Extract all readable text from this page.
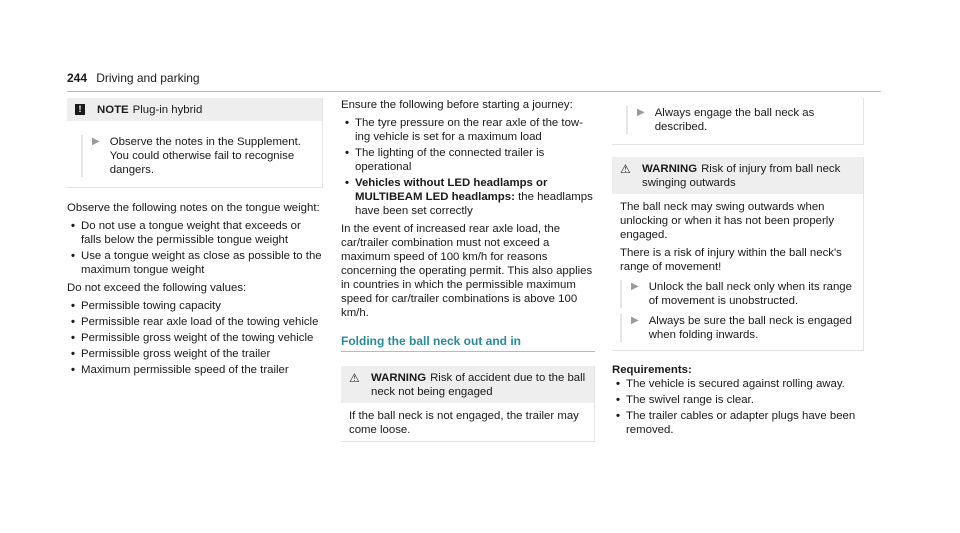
244 Driving and parking
!	NOTE Plug-in hybrid
▶ Observe the notes in the Supplement. You could otherwise fail to recognise dangers.

Observe the following notes on the tongue weight:

• Do not use a tongue weight that exceeds or falls below the permissible tongue weight
• Use a tongue weight as close as possible to the maximum tongue weight

Do not exceed the following values:

• Permissible towing capacity
• Permissible rear axle load of the towing vehicle
• Permissible gross weight of the towing vehicle
• Permissible gross weight of the trailer
• Maximum permissible speed of the trailer

Ensure the following before starting a journey:

• The tyre pressure on the rear axle of the tow-ing vehicle is set for a maximum load
• The lighting of the connected trailer is operational
• Vehicles without LED headlamps or MULTIBEAM LED headlamps: the headlamps have been set correctly

In the event of increased rear axle load, the car/trailer combination must not exceed a maximum speed of 100 km/h for reasons concerning the operating permit. This also applies in countries in which the permissible maximum speed for car/trailer combinations is above 100 km/h.

Folding the ball neck out and in
⚠ WARNING Risk of accident due to the ball neck not being engaged
If the ball neck is not engaged, the trailer may come loose.
▶ Always engage the ball neck as described.
⚠ WARNING Risk of injury from ball neck swinging outwards

The ball neck may swing outwards when unlocking or when it has not been properly engaged.

There is a risk of injury within the ball neck's range of movement!

▶ Unlock the ball neck only when its range of movement is unobstructed.
▶ Always be sure the ball neck is engaged when folding inwards.
Requirements:
• The vehicle is secured against rolling away.
• The swivel range is clear.
• The trailer cables or adapter plugs have been removed.
